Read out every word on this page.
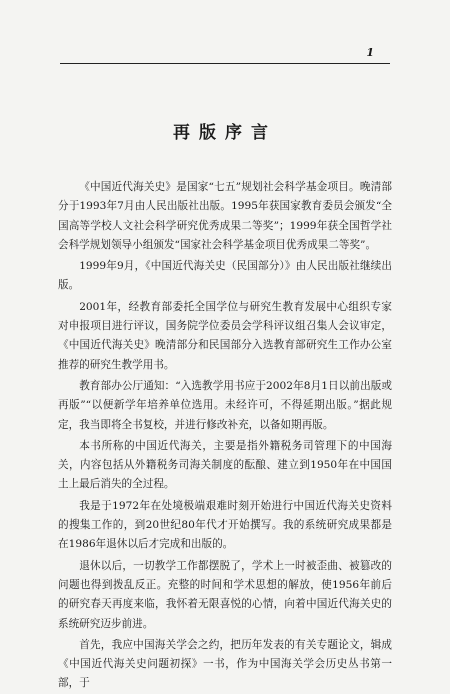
1
再版序言

《中国近代海关史》是国家“七五”规划社会科学基金项目。晚清部分于1993年7月由人民出版社出版。1995年获国家教育委员会颁发“全国高等学校人文社会科学研究优秀成果二等奖”；1999年获全国哲学社会科学规划领导小组颁发“国家社会科学基金项目优秀成果二等奖”。

1999年9月，《中国近代海关史（民国部分）》由人民出版社继续出版。

2001年，经教育部委托全国学位与研究生教育发展中心组织专家对申报项目进行评议，国务院学位委员会学科评议组召集人会议审定，《中国近代海关史》晚清部分和民国部分入选教育部研究生工作办公室推荐的研究生教学用书。

教育部办公厅通知：“入选教学用书应于2002年8月1日以前出版或再版”“以便新学年培养单位选用。未经许可，不得延期出版。”据此规定，我当即将全书复校，并进行修改补充，以备如期再版。

本书所称的中国近代海关，主要是指外籍税务司管理下的中国海关，内容包括从外籍税务司海关制度的酝酿、建立到1950年在中国国土上最后消失的全过程。

我是于1972年在处境极端艰难时刻开始进行中国近代海关史资料的搜集工作的，到20世纪80年代才开始撰写。我的系统研究成果都是在1986年退休以后才完成和出版的。

退休以后，一切教学工作都摆脱了，学术上一时被歪曲、被篡改的问题也得到拨乱反正。充整的时间和学术思想的解放，使1956年前后的研究春天再度来临，我怀着无限喜悦的心情，向着中国近代海关史的系统研究迈步前进。

首先，我应中国海关学会之约，把历年发表的有关专题论文，辑成《中国近代海关史问题初探》一书，作为中国海关学会历史丛书第一部，于
